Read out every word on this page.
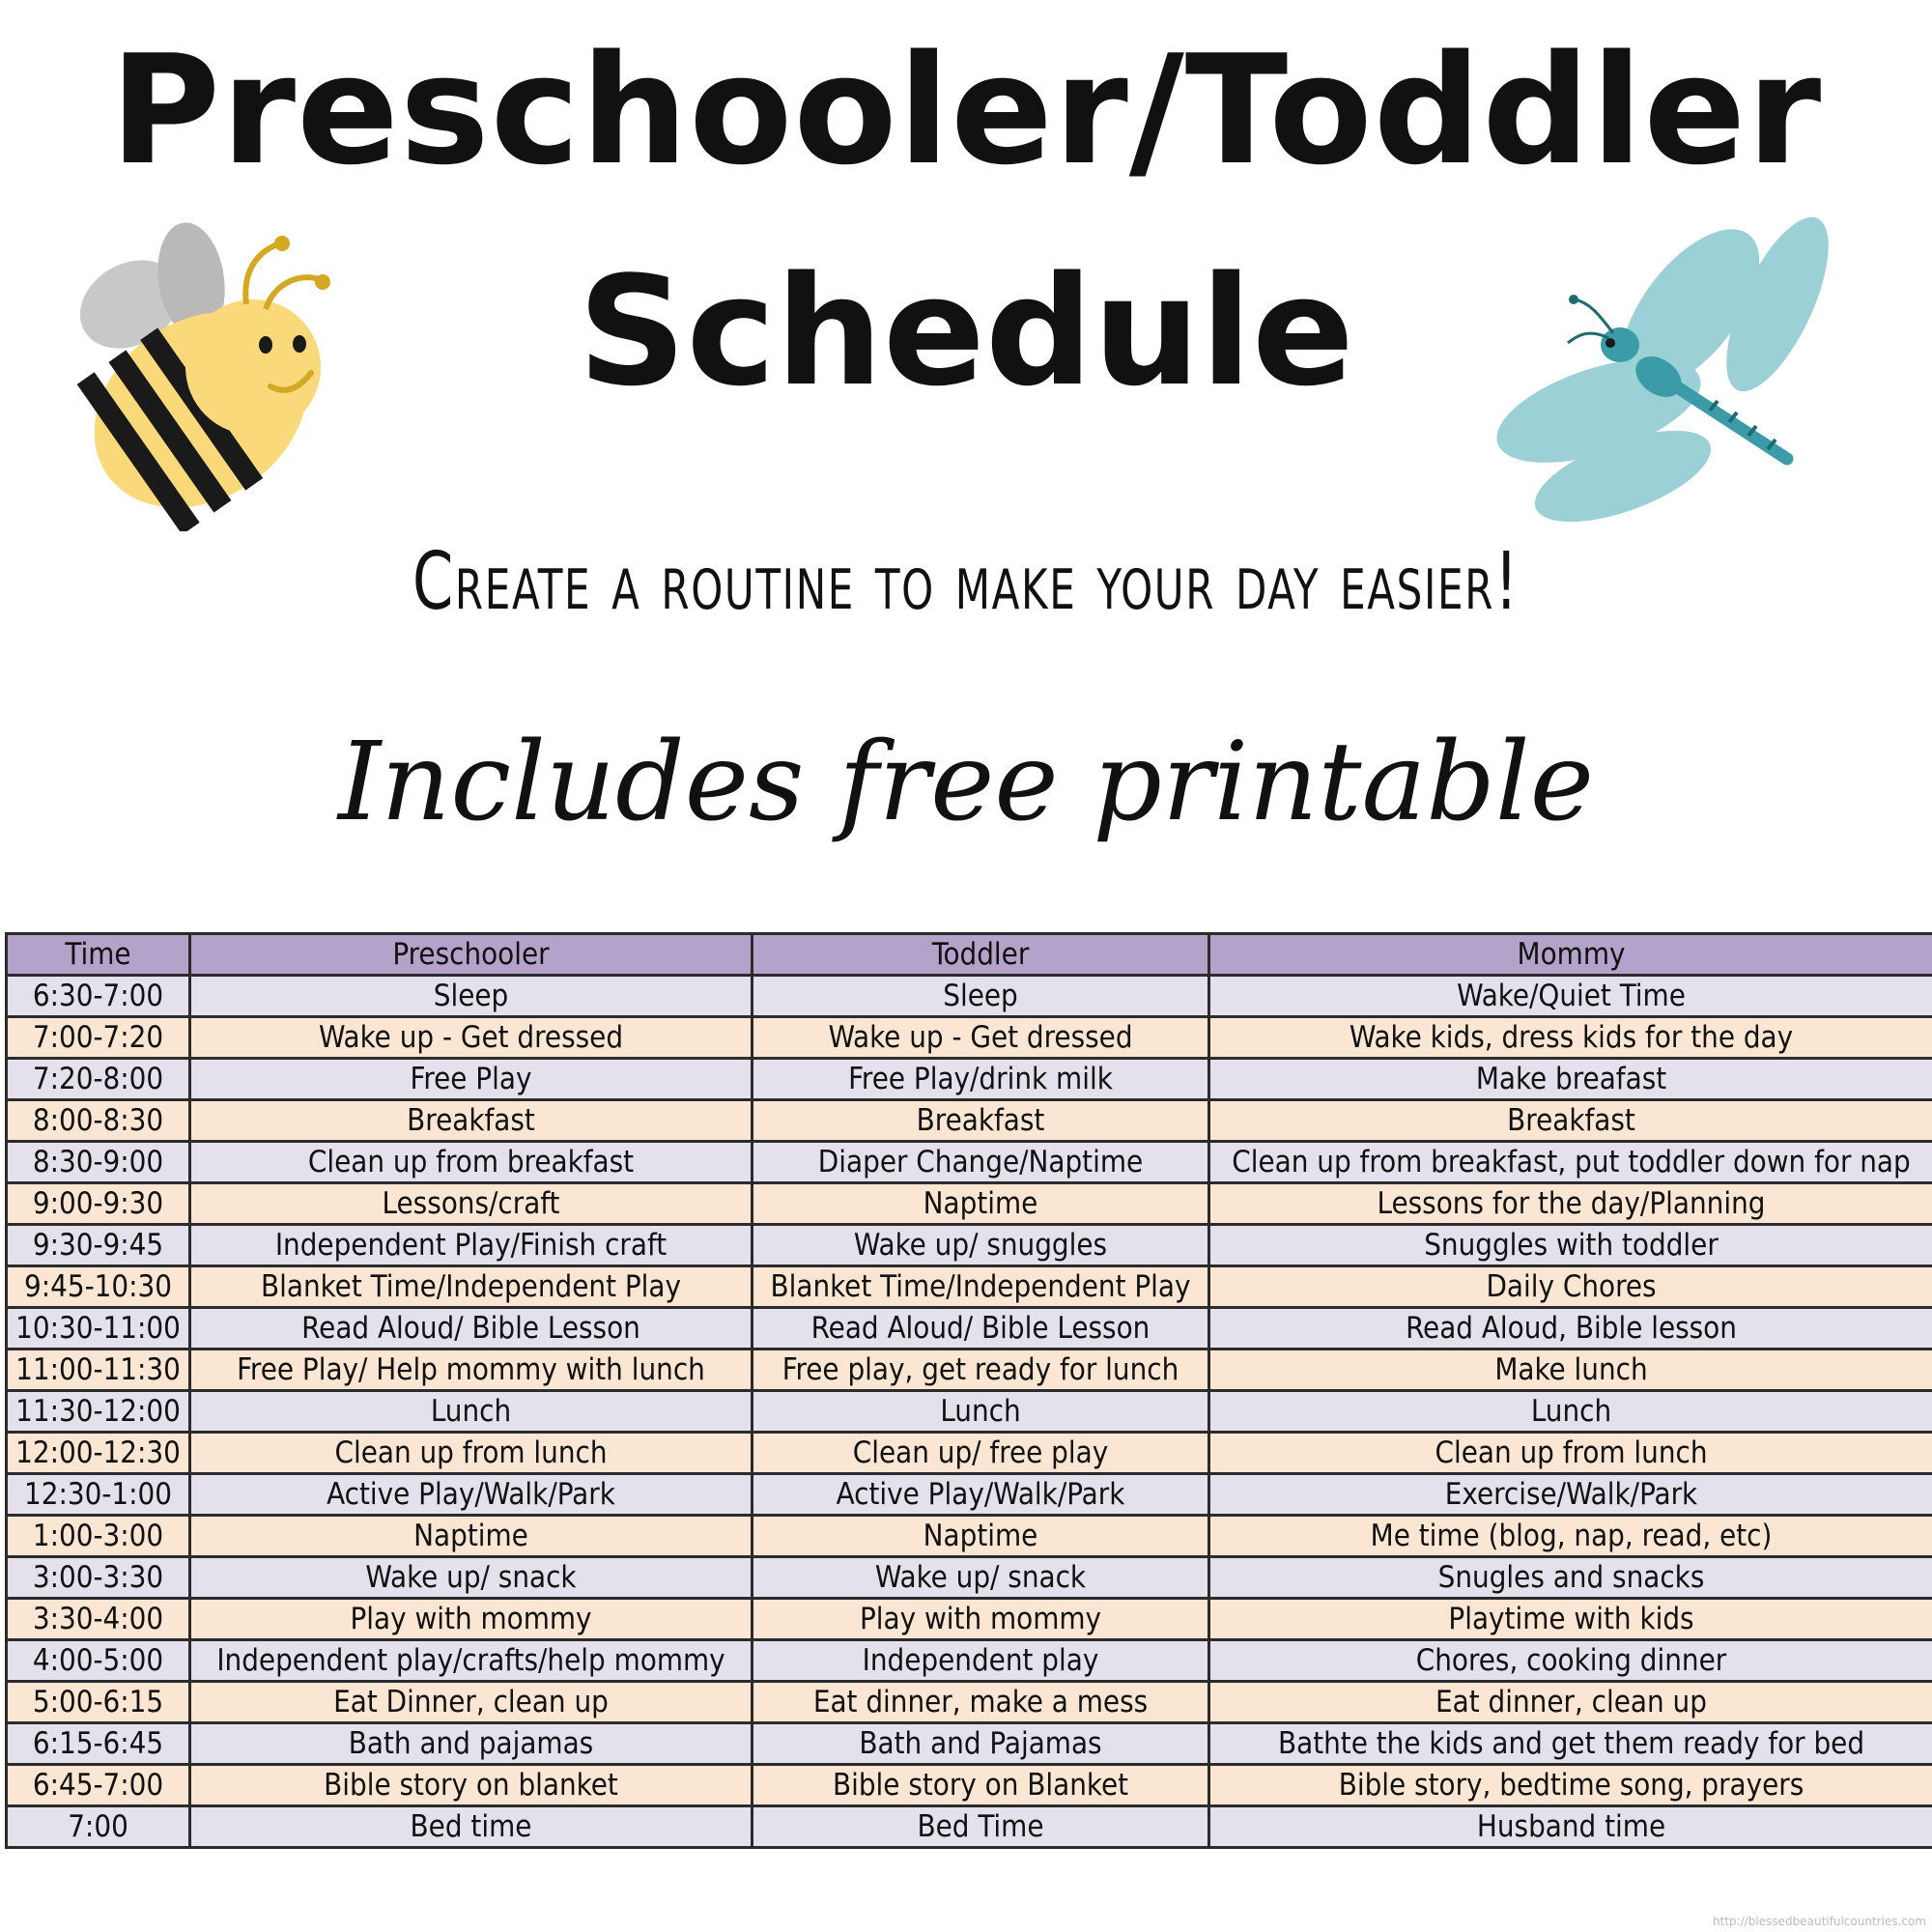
Preschooler/Toddler
Schedule
Create a routine to make your day easier!
Includes free printable
Time	Preschooler	Toddler	Mommy
6:30-7:00	Sleep	Sleep	Wake/Quiet Time
7:00-7:20	Wake up - Get dressed	Wake up - Get dressed	Wake kids, dress kids for the day
7:20-8:00	Free Play	Free Play/drink milk	Make breafast
8:00-8:30	Breakfast	Breakfast	Breakfast
8:30-9:00	Clean up from breakfast	Diaper Change/Naptime	Clean up from breakfast, put toddler down for nap
9:00-9:30	Lessons/craft	Naptime	Lessons for the day/Planning
9:30-9:45	Independent Play/Finish craft	Wake up/ snuggles	Snuggles with toddler
9:45-10:30	Blanket Time/Independent Play	Blanket Time/Independent Play	Daily Chores
10:30-11:00	Read Aloud/ Bible Lesson	Read Aloud/ Bible Lesson	Read Aloud, Bible lesson
11:00-11:30	Free Play/ Help mommy with lunch	Free play, get ready for lunch	Make lunch
11:30-12:00	Lunch	Lunch	Lunch
12:00-12:30	Clean up from lunch	Clean up/ free play	Clean up from lunch
12:30-1:00	Active Play/Walk/Park	Active Play/Walk/Park	Exercise/Walk/Park
1:00-3:00	Naptime	Naptime	Me time (blog, nap, read, etc)
3:00-3:30	Wake up/ snack	Wake up/ snack	Snugles and snacks
3:30-4:00	Play with mommy	Play with mommy	Playtime with kids
4:00-5:00	Independent play/crafts/help mommy	Independent play	Chores, cooking dinner
5:00-6:15	Eat Dinner, clean up	Eat dinner, make a mess	Eat dinner, clean up
6:15-6:45	Bath and pajamas	Bath and Pajamas	Bathte the kids and get them ready for bed
6:45-7:00	Bible story on blanket	Bible story on Blanket	Bible story, bedtime song, prayers
7:00	Bed time	Bed Time	Husband time
http://blessedbeautifulcountries.com
